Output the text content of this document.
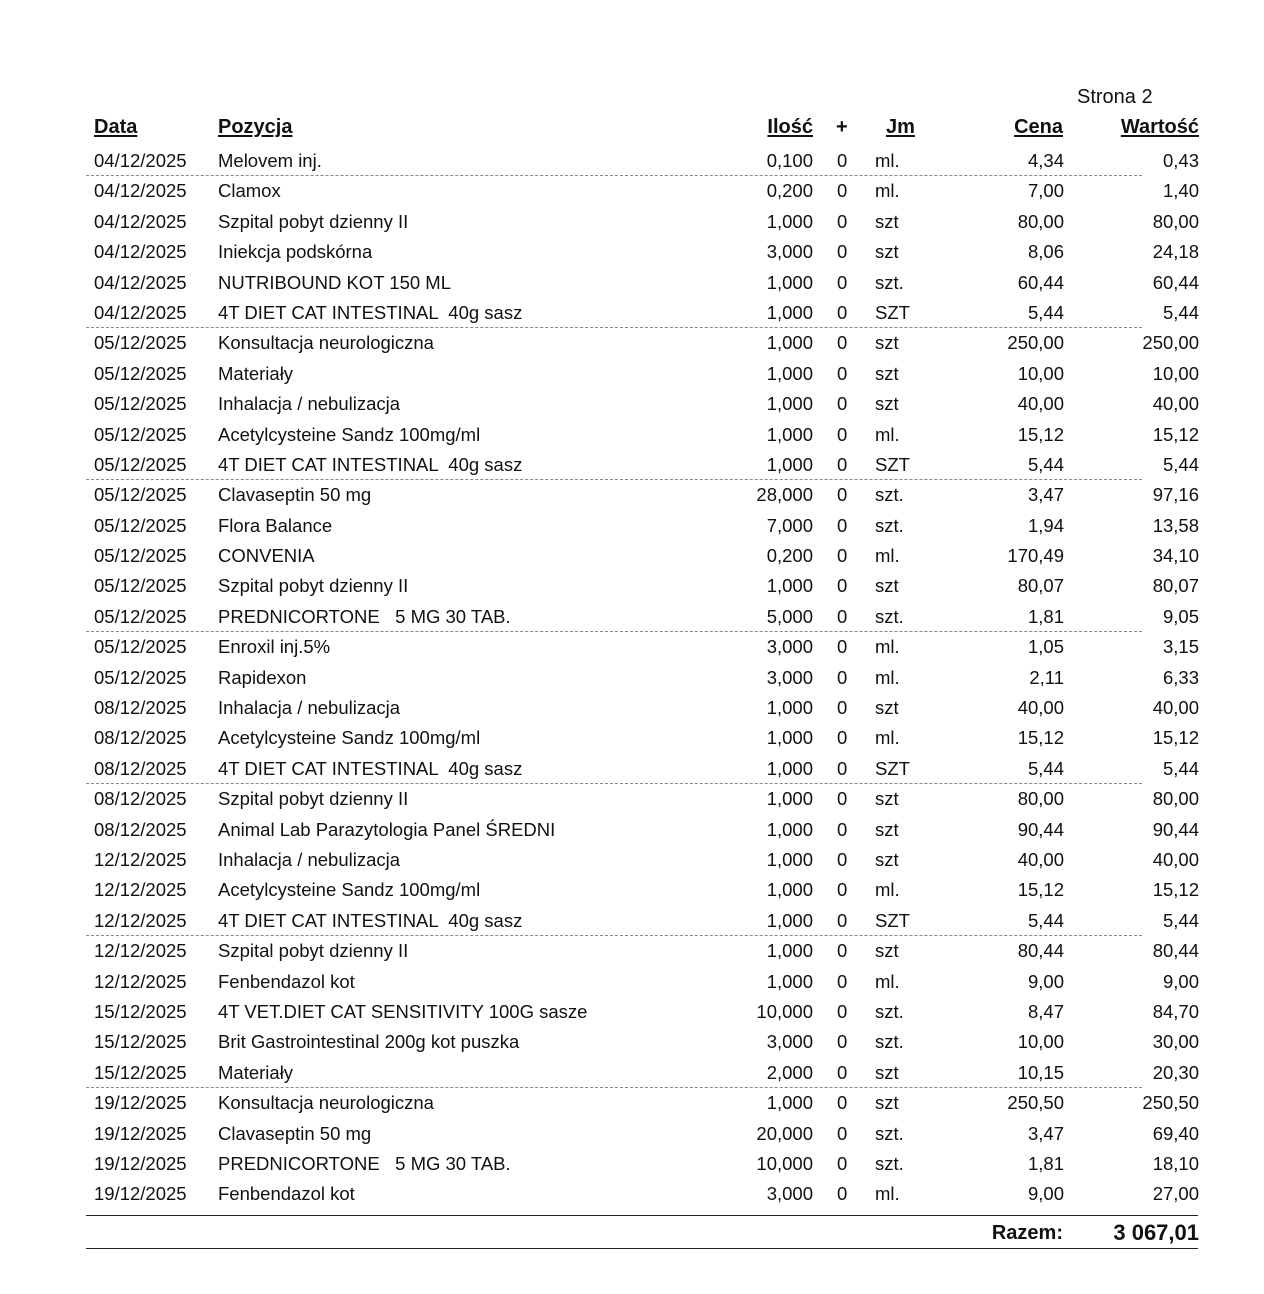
Strona 2
Data	Pozycja	Ilość + Jm	Cena	Wartość
04/12/2025 Melovem inj.	0,100 0 ml.	4,34	0,43
04/12/2025 Clamox	0,200 0 ml.	7,00	1,40
04/12/2025 Szpital pobyt dzienny II	1,000 0 szt	80,00	80,00
04/12/2025 Iniekcja podskórna	3,000 0 szt	8,06	24,18
04/12/2025 NUTRIBOUND KOT 150 ML	1,000 0 szt.	60,44	60,44
04/12/2025 4T DIET CAT INTESTINAL  40g sasz	1,000 0 SZT	5,44	5,44
05/12/2025 Konsultacja neurologiczna	1,000 0 szt	250,00	250,00
05/12/2025 Materiały	1,000 0 szt	10,00	10,00
05/12/2025 Inhalacja / nebulizacja	1,000 0 szt	40,00	40,00
05/12/2025 Acetylcysteine Sandz 100mg/ml	1,000 0 ml.	15,12	15,12
05/12/2025 4T DIET CAT INTESTINAL  40g sasz	1,000 0 SZT	5,44	5,44
05/12/2025 Clavaseptin 50 mg	28,000 0 szt.	3,47	97,16
05/12/2025 Flora Balance	7,000 0 szt.	1,94	13,58
05/12/2025 CONVENIA	0,200 0 ml.	170,49	34,10
05/12/2025 Szpital pobyt dzienny II	1,000 0 szt	80,07	80,07
05/12/2025 PREDNICORTONE   5 MG 30 TAB.	5,000 0 szt.	1,81	9,05
05/12/2025 Enroxil inj.5%	3,000 0 ml.	1,05	3,15
05/12/2025 Rapidexon	3,000 0 ml.	2,11	6,33
08/12/2025 Inhalacja / nebulizacja	1,000 0 szt	40,00	40,00
08/12/2025 Acetylcysteine Sandz 100mg/ml	1,000 0 ml.	15,12	15,12
08/12/2025 4T DIET CAT INTESTINAL  40g sasz	1,000 0 SZT	5,44	5,44
08/12/2025 Szpital pobyt dzienny II	1,000 0 szt	80,00	80,00
08/12/2025 Animal Lab Parazytologia Panel ŚREDNI	1,000 0 szt	90,44	90,44
12/12/2025 Inhalacja / nebulizacja	1,000 0 szt	40,00	40,00
12/12/2025 Acetylcysteine Sandz 100mg/ml	1,000 0 ml.	15,12	15,12
12/12/2025 4T DIET CAT INTESTINAL  40g sasz	1,000 0 SZT	5,44	5,44
12/12/2025 Szpital pobyt dzienny II	1,000 0 szt	80,44	80,44
12/12/2025 Fenbendazol kot	1,000 0 ml.	9,00	9,00
15/12/2025 4T VET.DIET CAT SENSITIVITY 100G sasze	10,000 0 szt.	8,47	84,70
15/12/2025 Brit Gastrointestinal 200g kot puszka	3,000 0 szt.	10,00	30,00
15/12/2025 Materiały	2,000 0 szt	10,15	20,30
19/12/2025 Konsultacja neurologiczna	1,000 0 szt	250,50	250,50
19/12/2025 Clavaseptin 50 mg	20,000 0 szt.	3,47	69,40
19/12/2025 PREDNICORTONE   5 MG 30 TAB.	10,000 0 szt.	1,81	18,10
19/12/2025 Fenbendazol kot	3,000 0 ml.	9,00	27,00
Razem: 3 067,01
